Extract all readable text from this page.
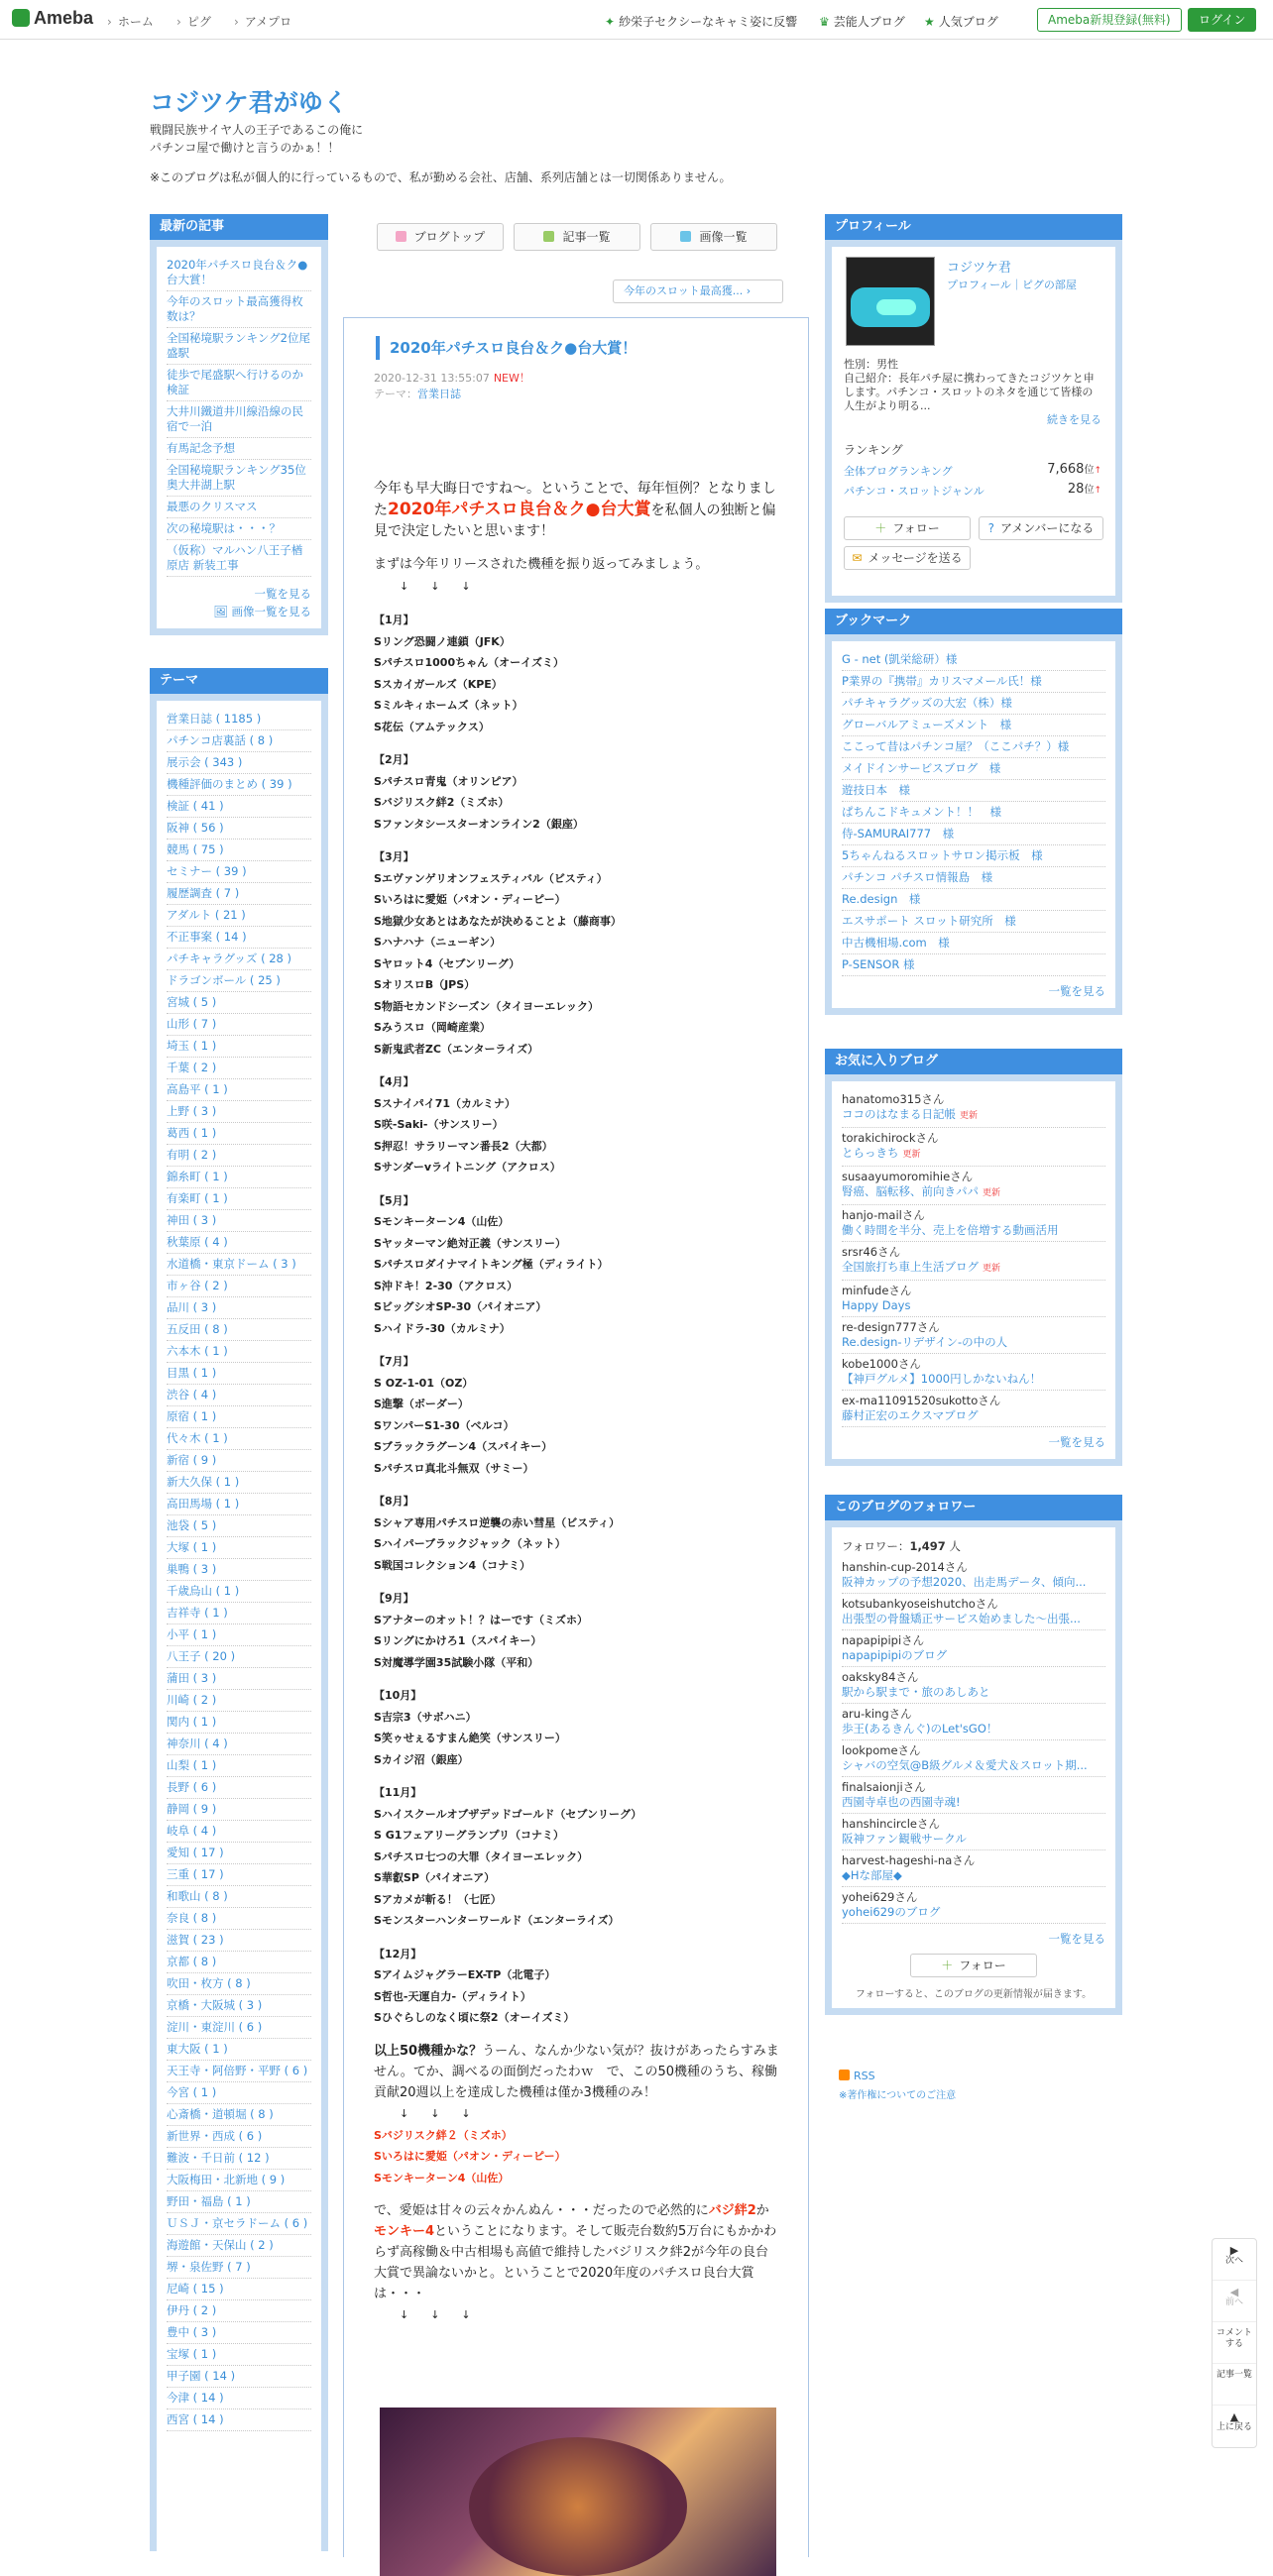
Ameba › ホーム › ピグ › アメプロ	✦ 紗栄子セクシーなキャミ姿に反響 ♛ 芸能人ブログ ★ 人気ブログ	Ameba新規登録(無料)	ログイン
コジツケ君がゆく
戦闘民族サイヤ人の王子であるこの俺に
パチンコ屋で働けと言うのかぁ！！
※このブログは私が個人的に行っているもので、私が勤める会社、店舗、系列店舗とは一切関係ありません。
最新の記事
2020年パチスロ良台＆ク●台大賞！
今年のスロット最高獲得枚数は？
全国秘境駅ランキング2位尾盛駅
徒歩で尾盛駅へ行けるのか検証
大井川鐵道井川線沿線の民宿で一泊
有馬記念予想
全国秘境駅ランキング35位 奥大井湖上駅
最悪のクリスマス
次の秘境駅は・・・？
（仮称）マルハン八王子楢原店 新装工事
一覧を見る
🖼 画像一覧を見る
テーマ
営業日誌 ( 1185 )
パチンコ店裏話 ( 8 )
展示会 ( 343 )
機種評価のまとめ ( 39 )
検証 ( 41 )
阪神 ( 56 )
競馬 ( 75 )
セミナー ( 39 )
履歴調査 ( 7 )
アダルト ( 21 )
不正事案 ( 14 )
パチキャラグッズ ( 28 )
ドラゴンボール ( 25 )
宮城 ( 5 )
山形 ( 7 )
埼玉 ( 1 )
千葉 ( 2 )
高島平 ( 1 )
上野 ( 3 )
葛西 ( 1 )
有明 ( 2 )
錦糸町 ( 1 )
有楽町 ( 1 )
神田 ( 3 )
秋葉原 ( 4 )
水道橋・東京ドーム ( 3 )
市ヶ谷 ( 2 )
品川 ( 3 )
五反田 ( 8 )
六本木 ( 1 )
目黒 ( 1 )
渋谷 ( 4 )
原宿 ( 1 )
代々木 ( 1 )
新宿 ( 9 )
新大久保 ( 1 )
高田馬場 ( 1 )
池袋 ( 5 )
大塚 ( 1 )
巣鴨 ( 3 )
千歳烏山 ( 1 )
吉祥寺 ( 1 )
小平 ( 1 )
八王子 ( 20 )
蒲田 ( 3 )
川崎 ( 2 )
関内 ( 1 )
神奈川 ( 4 )
山梨 ( 1 )
長野 ( 6 )
静岡 ( 9 )
岐阜 ( 4 )
愛知 ( 17 )
三重 ( 17 )
和歌山 ( 8 )
奈良 ( 8 )
滋賀 ( 23 )
京都 ( 8 )
吹田・枚方 ( 8 )
京橋・大阪城 ( 3 )
淀川・東淀川 ( 6 )
東大阪 ( 1 )
天王寺・阿倍野・平野 ( 6 )
今宮 ( 1 )
心斎橋・道頓堀 ( 8 )
新世界・西成 ( 6 )
難波・千日前 ( 12 )
大阪梅田・北新地 ( 9 )
野田・福島 ( 1 )
ＵＳＪ・京セラドーム ( 6 )
海遊館・天保山 ( 2 )
堺・泉佐野 ( 7 )
尼崎 ( 15 )
伊丹 ( 2 )
豊中 ( 3 )
宝塚 ( 1 )
甲子園 ( 14 )
今津 ( 14 )
西宮 ( 14 )
ブログトップ	記事一覧	画像一覧
今年のスロット最高獲... ›
2020年パチスロ良台＆ク●台大賞！
2020-12-31 13:55:07 NEW！
テーマ：営業日誌

今年も早大晦日ですね～。ということで、毎年恒例？となりました2020年パチスロ良台＆ク●台大賞を私個人の独断と偏見で決定したいと思います！

まずは今年リリースされた機種を振り返ってみましょう。

↓　　↓　　↓

【1月】

Sリング恐闘ノ連鎖（JFK）

Sパチスロ1000ちゃん（オーイズミ）

Sスカイガールズ（KPE）

Sミルキィホームズ（ネット）

S花伝（アムテックス）

【2月】

Sパチスロ青鬼（オリンピア）

Sバジリスク絆2（ミズホ）

Sファンタシースターオンライン2（銀座）

【3月】

Sエヴァンゲリオンフェスティバル（ビスティ）

Sいろはに愛姫（パオン・ディーピー）

S地獄少女あとはあなたが決めることよ（藤商事）

Sハナハナ（ニューギン）

Sヤロット4（セブンリーグ）

SオリスロB（JPS）

S物語セカンドシーズン（タイヨーエレック）

Sみうスロ（岡崎産業）

S新鬼武者ZC（エンターライズ）

【4月】

Sスナイパイ71（カルミナ）

S咲-Saki-（サンスリー）

S押忍！サラリーマン番長2（大都）

Sサンダーvライトニング（アクロス）

【5月】

Sモンキーターン4（山佐）

Sヤッターマン絶対正義（サンスリー）

Sパチスロダイナマイトキング極（ディライト）

S沖ドキ！2-30（アクロス）

SビッグシオSP-30（パイオニア）

Sハイドラ-30（カルミナ）

【7月】

S OZ-1-01（OZ）

S進撃（ボーダー）

SワンパーS1-30（ベルコ）

Sブラックラグーン4（スパイキー）

Sパチスロ真北斗無双（サミー）

【8月】

Sシャア専用パチスロ逆襲の赤い彗星（ビスティ）

Sハイパーブラックジャック（ネット）

S戦国コレクション4（コナミ）

【9月】

Sアナターのオット！？はーです（ミズホ）

Sリングにかけろ1（スパイキー）

S対魔導学園35試験小隊（平和）

【10月】

S吉宗3（サボハニ）

S笑ゥせぇるすまん絶笑（サンスリー）

Sカイジ沼（銀座）

【11月】

Sハイスクールオブザデッドゴールド（セブンリーグ）

S G1フェアリーグランプリ（コナミ）

Sパチスロ七つの大罪（タイヨーエレック）

S華叡SP（パイオニア）

Sアカメが斬る！（七匠）

Sモンスターハンターワールド（エンターライズ）

【12月】

SアイムジャグラーEX-TP（北電子）

S哲也-天運自力-（ディライト）

Sひぐらしのなく頃に祭2（オーイズミ）

以上50機種かな？うーん、なんか少ない気が？抜けがあったらすみません。てか、調べるの面倒だったわｗ　で、この50機種のうち、稼働貢献20週以上を達成した機種は僅か3機種のみ！

↓　　↓　　↓

Sバジリスク絆２（ミズホ）

Sいろはに愛姫（パオン・ディーピー）

Sモンキーターン4（山佐）

で、愛姫は甘々の云々かんぬん・・・だったので必然的にバジ絆2かモンキー4ということになります。そして販売台数約5万台にもかかわらず高稼働＆中古相場も高値で維持したバジリスク絆2が今年の良台大賞で異論ないかと。ということで2020年度のパチスロ良台大賞は・・・

↓　　↓　　↓

プロフィール
コジツケ君
プロフィール｜ピグの部屋
性別：男性
自己紹介：長年パチ屋に携わってきたコジツケと申します。パチンコ・スロットのネタを通じて皆様の人生がより明る...
続きを見る
ランキング
全体ブログランキング	7,668位↑
パチンコ・スロットジャンル	28位↑
＋ フォロー	? アメンバーになる
✉ メッセージを送る
ブックマーク
G - net (凱栄総研）様
P業界の『携帯』カリスマメール氏！様
パチキャラグッズの大宏（株）様
グローバルアミューズメント　様
ここって昔はパチンコ屋？（ここパチ？）様
メイドインサービスブログ　様
遊技日本　様
ぱちんこドキュメント！！　様
侍-SAMURAI777　様
5ちゃんねるスロットサロン掲示板　様
パチンコ パチスロ情報島　様
Re.design　様
エスサポート スロット研究所　様
中古機相場.com　様
P-SENSOR 様
一覧を見る
お気に入りブログ
hanatomo315さん
ココのはなまる日記帳 更新
torakichirockさん
とらっきち 更新
susaayumoromihieさん
腎癌、脳転移、前向きパパ 更新
hanjo-mailさん
働く時間を半分、売上を倍増する動画活用
srsr46さん
全国旅打ち車上生活ブログ 更新
minfudeさん
Happy Days
re-design777さん
Re.design-リデザイン-の中の人
kobe1000さん
【神戸グルメ】1000円しかないねん！
ex-ma11091520sukottoさん
藤村正宏のエクスマブログ
一覧を見る
このブログのフォロワー
フォロワー：1,497 人
hanshin-cup-2014さん
阪神カップの予想2020、出走馬データ、傾向...
kotsubankyoseishutchoさん
出張型の骨盤矯正サービス始めました～出張...
napapipipiさん
napapipipiのブログ
oaksky84さん
駅から駅まで・旅のあしあと
aru-kingさん
歩王(あるきんぐ)のLet'sGO！
lookpomeさん
シャバの空気@B級グルメ＆愛犬＆スロット期...
finalsaionjiさん
西園寺卓也の西園寺魂!
hanshincircleさん
阪神ファン観戦サークル
harvest-hageshi-naさん
◆Hな部屋◆
yohei629さん
yohei629のブログ
一覧を見る
＋ フォロー
フォローすると、このブログの更新情報が届きます。
RSS
※著作権についてのご注意
▶
次へ
◀
前へ
コメントする
記事一覧
▲
上に戻る
